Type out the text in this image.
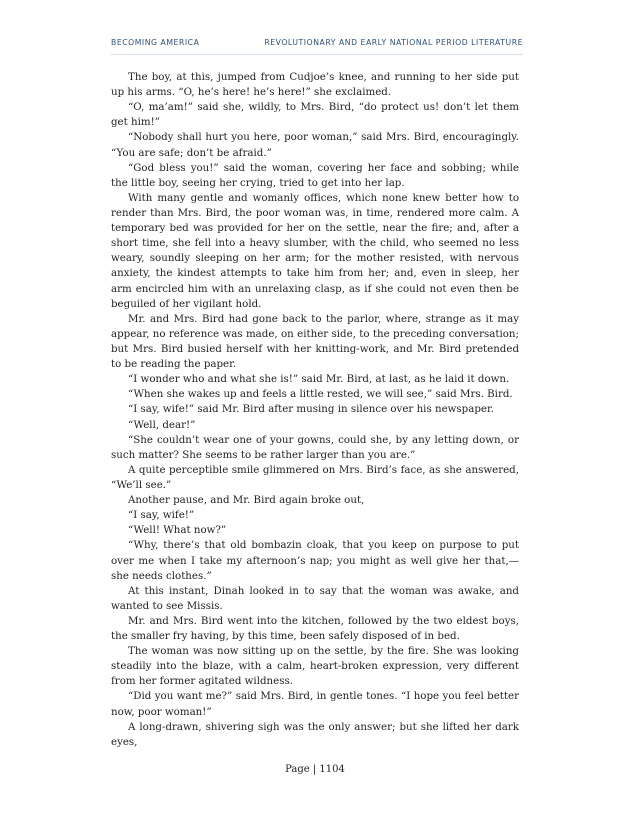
BECOMING AMERICA	REVOLUTIONARY AND EARLY NATIONAL PERIOD LITERATURE

The boy, at this, jumped from Cudjoe’s knee, and running to her side put up his arms. “O, he’s here! he’s here!” she exclaimed.

“O, ma’am!” said she, wildly, to Mrs. Bird, “do protect us! don’t let them get him!”

“Nobody shall hurt you here, poor woman,” said Mrs. Bird, encouragingly. “You are safe; don’t be afraid.”

“God bless you!” said the woman, covering her face and sobbing; while the little boy, seeing her crying, tried to get into her lap.

With many gentle and womanly offices, which none knew better how to render than Mrs. Bird, the poor woman was, in time, rendered more calm. A temporary bed was provided for her on the settle, near the fire; and, after a short time, she fell into a heavy slumber, with the child, who seemed no less weary, soundly sleeping on her arm; for the mother resisted, with nervous anxiety, the kindest attempts to take him from her; and, even in sleep, her arm encircled him with an unrelaxing clasp, as if she could not even then be beguiled of her vigilant hold.

Mr. and Mrs. Bird had gone back to the parlor, where, strange as it may appear, no reference was made, on either side, to the preceding conversation; but Mrs. Bird busied herself with her knitting-work, and Mr. Bird pretended to be reading the paper.

“I wonder who and what she is!” said Mr. Bird, at last, as he laid it down.

“When she wakes up and feels a little rested, we will see,” said Mrs. Bird.

“I say, wife!” said Mr. Bird after musing in silence over his newspaper.

“Well, dear!”

“She couldn’t wear one of your gowns, could she, by any letting down, or such matter? She seems to be rather larger than you are.”

A quite perceptible smile glimmered on Mrs. Bird’s face, as she answered, “We’ll see.”

Another pause, and Mr. Bird again broke out,

“I say, wife!”

“Well! What now?”

“Why, there’s that old bombazin cloak, that you keep on purpose to put over me when I take my afternoon’s nap; you might as well give her that,—she needs clothes.”

At this instant, Dinah looked in to say that the woman was awake, and wanted to see Missis.

Mr. and Mrs. Bird went into the kitchen, followed by the two eldest boys, the smaller fry having, by this time, been safely disposed of in bed.

The woman was now sitting up on the settle, by the fire. She was looking steadily into the blaze, with a calm, heart-broken expression, very different from her former agitated wildness.

“Did you want me?” said Mrs. Bird, in gentle tones. “I hope you feel better now, poor woman!”

A long-drawn, shivering sigh was the only answer; but she lifted her dark eyes,

Page | 1104
